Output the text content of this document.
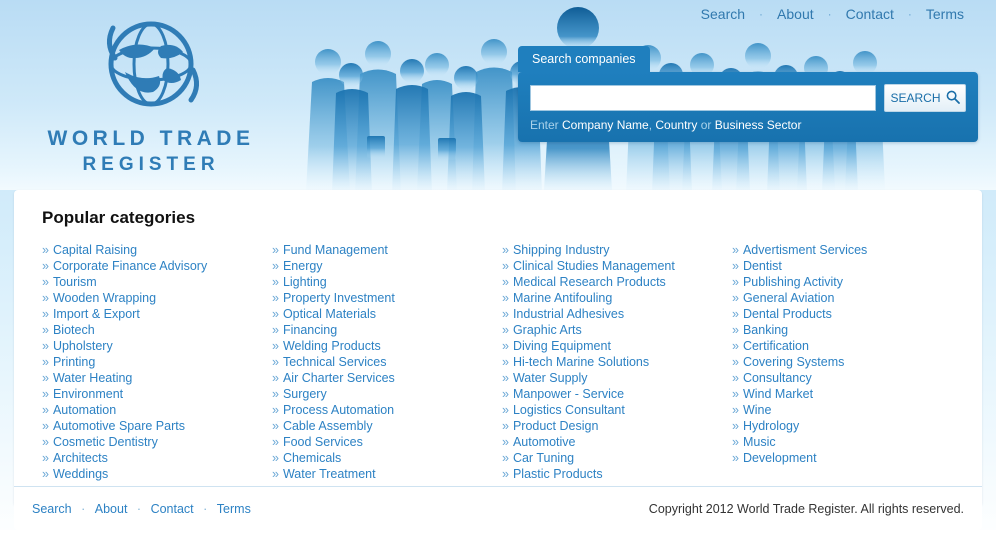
Search	·	About	·	Contact	·	Terms
WORLD TRADE
REGISTER
Search companies
SEARCH
Enter Company Name, Country or Business Sector
Popular categories
» Capital Raising
» Corporate Finance Advisory
» Tourism
» Wooden Wrapping
» Import & Export
» Biotech
» Upholstery
» Printing
» Water Heating
» Environment
» Automation
» Automotive Spare Parts
» Cosmetic Dentistry
» Architects
» Weddings
» Fund Management
» Energy
» Lighting
» Property Investment
» Optical Materials
» Financing
» Welding Products
» Technical Services
» Air Charter Services
» Surgery
» Process Automation
» Cable Assembly
» Food Services
» Chemicals
» Water Treatment
» Shipping Industry
» Clinical Studies Management
» Medical Research Products
» Marine Antifouling
» Industrial Adhesives
» Graphic Arts
» Diving Equipment
» Hi-tech Marine Solutions
» Water Supply
» Manpower - Service
» Logistics Consultant
» Product Design
» Automotive
» Car Tuning
» Plastic Products
» Advertisment Services
» Dentist
» Publishing Activity
» General Aviation
» Dental Products
» Banking
» Certification
» Covering Systems
» Consultancy
» Wind Market
» Wine
» Hydrology
» Music
» Development
Search · About · Contact · Terms	Copyright 2012 World Trade Register. All rights reserved.
